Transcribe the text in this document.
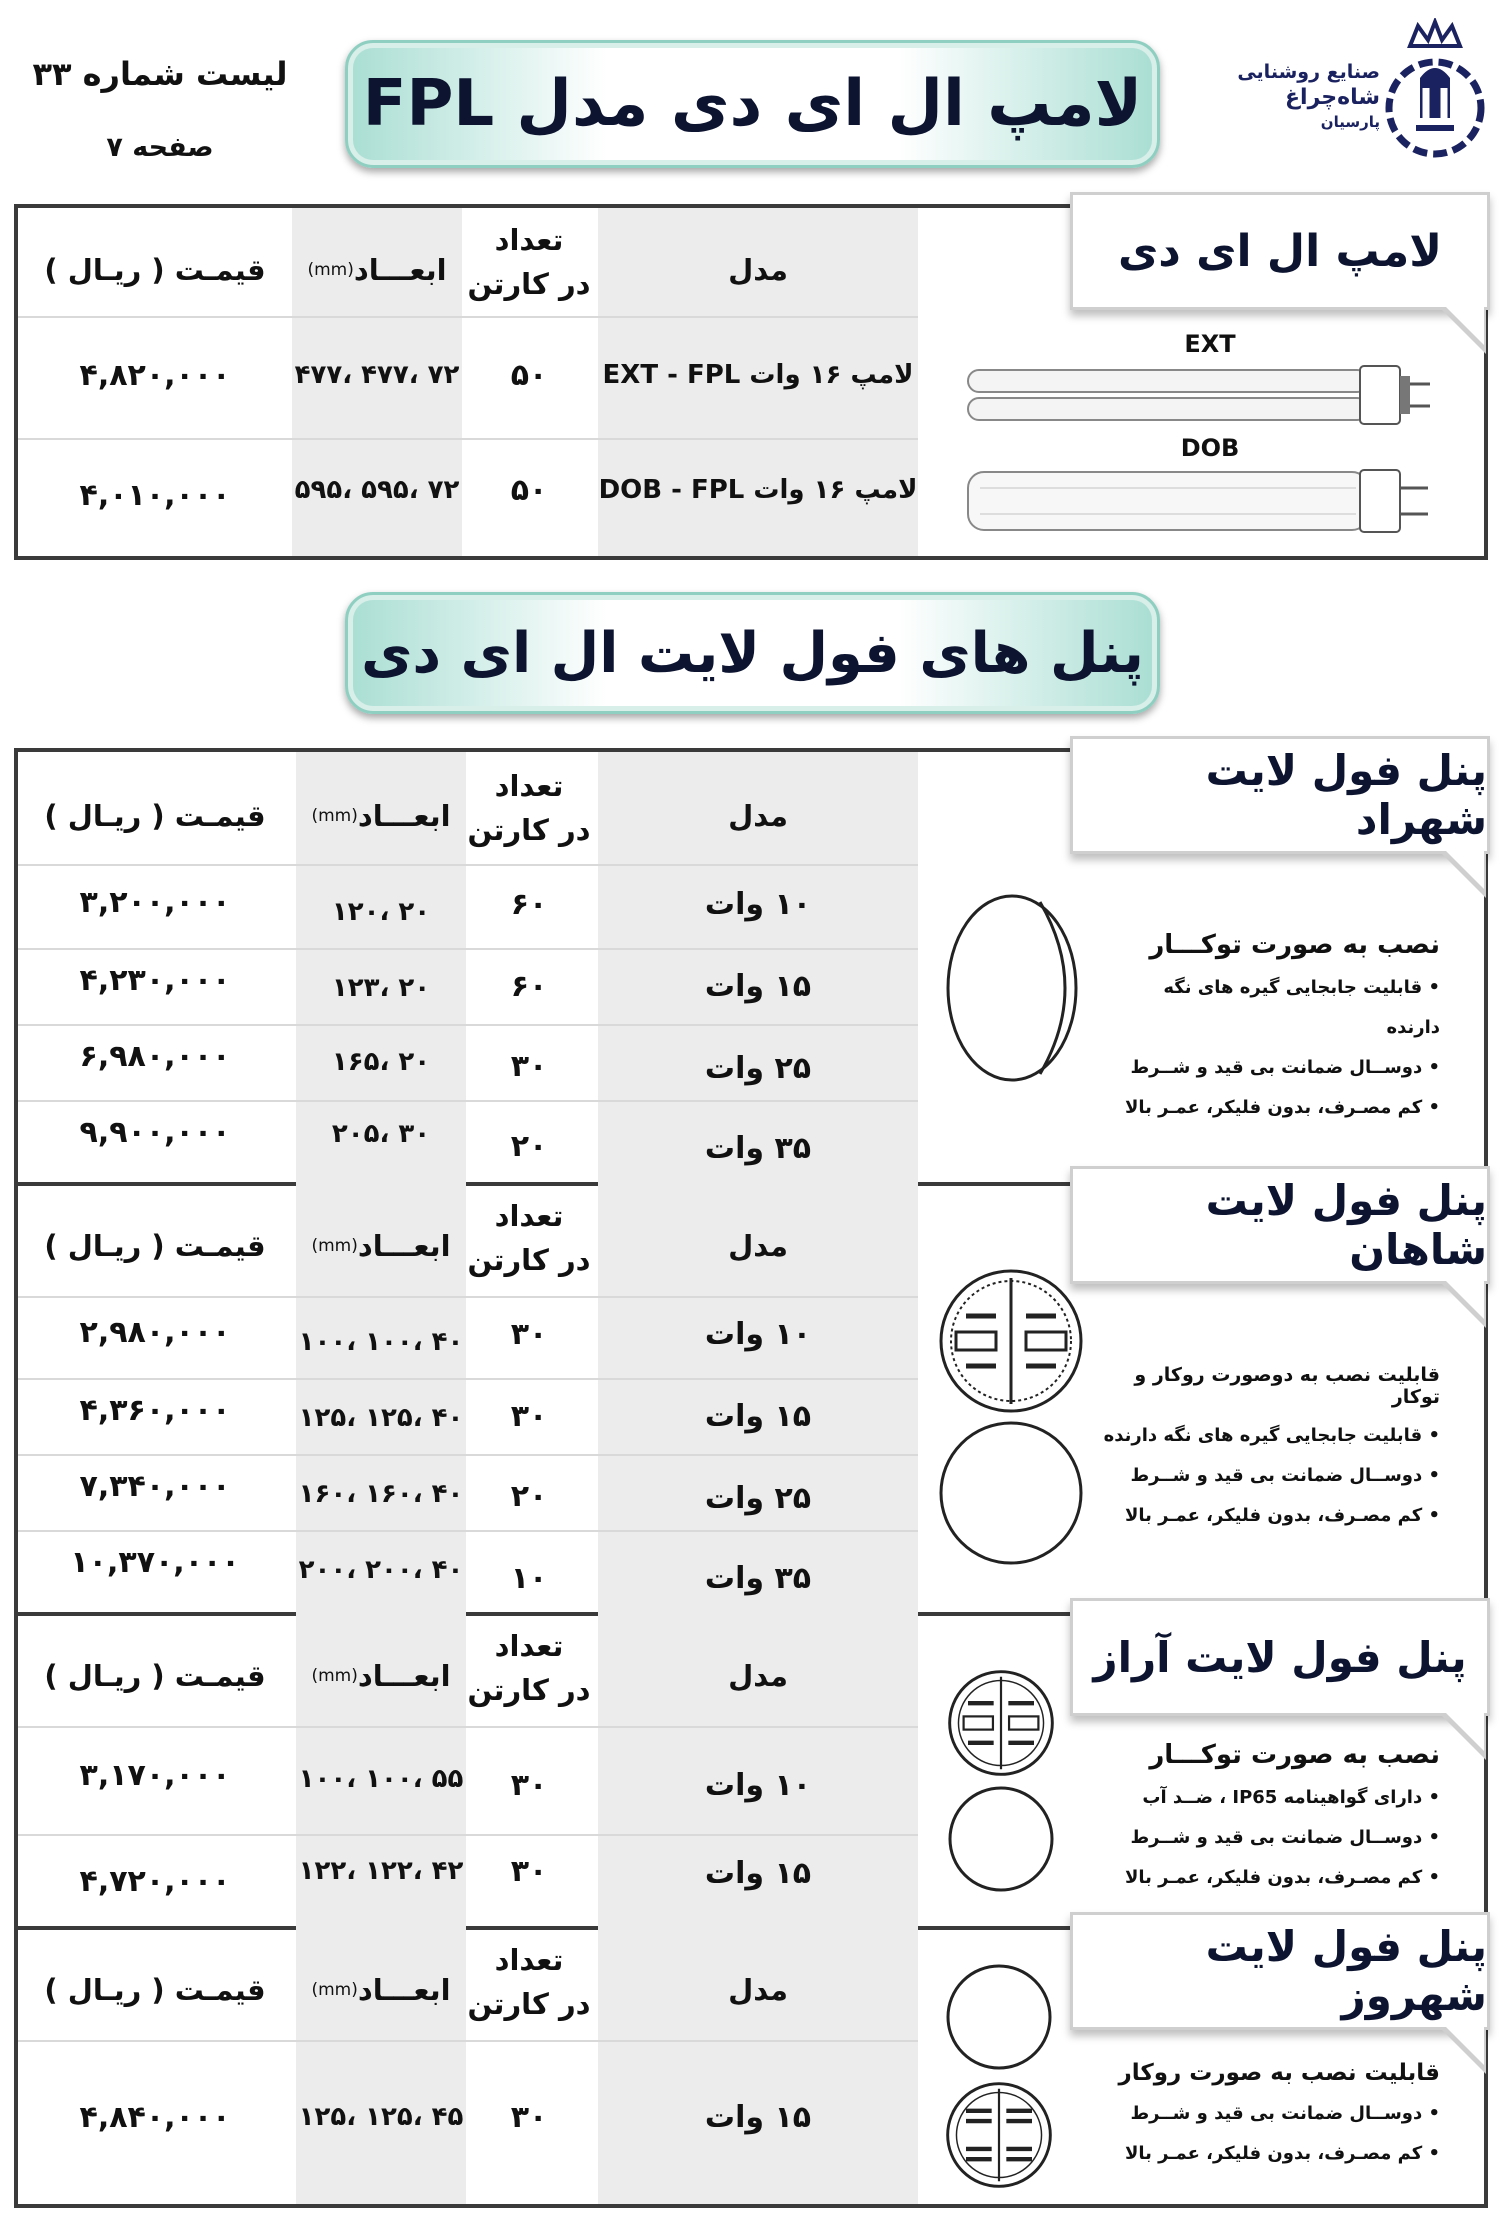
لیست شماره ۳۳
صفحه ۷
لامپ ال ای دی مدل FPL	صنایع روشنایی
شاه‌چراغ
پارسیان
قیمـت ( ریـال )	ابعـــاد
(mm)
تعداد
در کارتن	مدل
۴,۸۲۰,۰۰۰	۷۲ ،۴۷۷ ،۴۷۷	۵۰	لامپ ۱۶ وات EXT - FPL
۴,۰۱۰,۰۰۰	۷۲ ،۵۹۵ ،۵۹۵	۵۰	لامپ ۱۶ وات DOB - FPL
لامپ ال ای دی
EXT
DOB
پنل های فول لایت ال ای دی
قیمـت ( ریـال )	ابعـــاد
(mm)
تعداد
در کارتن	مدل
۳,۲۰۰,۰۰۰	۲۰ ،۱۲۰	۶۰	۱۰ وات
۴,۲۳۰,۰۰۰	۲۰ ،۱۲۳	۶۰	۱۵ وات
۶,۹۸۰,۰۰۰	۲۰ ،۱۶۵	۳۰	۲۵ وات
۹,۹۰۰,۰۰۰	۳۰ ،۲۰۵	۲۰	۳۵ وات
پنل فول لایت شهراد
نصب به صورت توکـــار
• قابلیت جابجایی گیره های نگه دارنده
• دوســال ضمانت بی قید و شــرط
• کم مصـرف، بدون فلیکر، عمـر بالا
قیمـت ( ریـال )	ابعـــاد
(mm)
تعداد
در کارتن	مدل
۲,۹۸۰,۰۰۰	۴۰ ،۱۰۰ ،۱۰۰	۳۰	۱۰ وات
۴,۳۶۰,۰۰۰	۴۰ ،۱۲۵ ،۱۲۵	۳۰	۱۵ وات
۷,۳۴۰,۰۰۰	۴۰ ،۱۶۰ ،۱۶۰	۲۰	۲۵ وات
۱۰,۳۷۰,۰۰۰	۴۰ ،۲۰۰ ،۲۰۰	۱۰	۳۵ وات
پنل فول لایت شاهان
قابلیت نصب به دوصورت روکار و توکار
• قابلیت جابجایی گیره های نگه دارنده
• دوســال ضمانت بی قید و شــرط
• کم مصـرف، بدون فلیکر، عمـر بالا
قیمـت ( ریـال )	ابعـــاد
(mm)
تعداد
در کارتن	مدل
۳,۱۷۰,۰۰۰	۵۵ ،۱۰۰ ،۱۰۰	۳۰	۱۰ وات
۴,۷۲۰,۰۰۰	۴۲ ،۱۲۲ ،۱۲۲	۳۰	۱۵ وات
پنل فول لایت آراز
نصب به صورت توکـــار
• دارای گواهینامه IP65 ، ضــد آب
• دوســال ضمانت بی قید و شــرط
• کم مصـرف، بدون فلیکر، عمـر بالا
قیمـت ( ریـال )	ابعـــاد
(mm)
تعداد
در کارتن	مدل
۴,۸۴۰,۰۰۰	۴۵ ،۱۲۵ ،۱۲۵	۳۰	۱۵ وات
پنل فول لایت شهروز
قابلیت نصب به صورت روکار
• دوســال ضمانت بی قید و شــرط
• کم مصـرف، بدون فلیکر، عمـر بالا
